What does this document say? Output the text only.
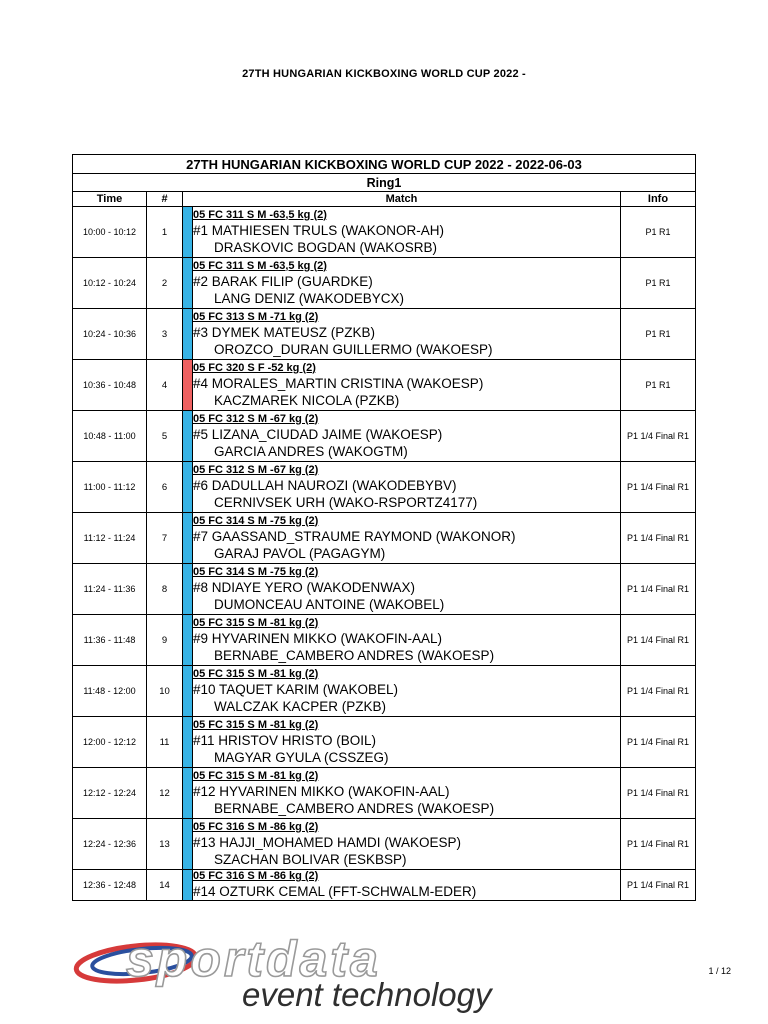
27TH HUNGARIAN KICKBOXING WORLD CUP 2022 -
27TH HUNGARIAN KICKBOXING WORLD CUP 2022 - 2022-06-03				
Ring1				
Time	#	Match		Info
10:00 - 10:12	1		05 FC 311 S M -63,5 kg (2)
#1 MATHIESEN TRULS (WAKONOR-AH)
DRASKOVIC BOGDAN (WAKOSRB)	P1 R1
10:12 - 10:24	2		05 FC 311 S M -63,5 kg (2)
#2 BARAK FILIP (GUARDKE)
LANG DENIZ (WAKODEBYCX)	P1 R1
10:24 - 10:36	3		05 FC 313 S M -71 kg (2)
#3 DYMEK MATEUSZ (PZKB)
OROZCO_DURAN GUILLERMO (WAKOESP)	P1 R1
10:36 - 10:48	4		05 FC 320 S F -52 kg (2)
#4 MORALES_MARTIN CRISTINA (WAKOESP)
KACZMAREK NICOLA (PZKB)	P1 R1
10:48 - 11:00	5		05 FC 312 S M -67 kg (2)
#5 LIZANA_CIUDAD JAIME (WAKOESP)
GARCIA ANDRES (WAKOGTM)	P1 1/4 Final R1
11:00 - 11:12	6		05 FC 312 S M -67 kg (2)
#6 DADULLAH NAUROZI (WAKODEBYBV)
CERNIVSEK URH (WAKO-RSPORTZ4177)	P1 1/4 Final R1
11:12 - 11:24	7		05 FC 314 S M -75 kg (2)
#7 GAASSAND_STRAUME RAYMOND (WAKONOR)
GARAJ PAVOL (PAGAGYM)	P1 1/4 Final R1
11:24 - 11:36	8		05 FC 314 S M -75 kg (2)
#8 NDIAYE YERO (WAKODENWAX)
DUMONCEAU ANTOINE (WAKOBEL)	P1 1/4 Final R1
11:36 - 11:48	9		05 FC 315 S M -81 kg (2)
#9 HYVARINEN MIKKO (WAKOFIN-AAL)
BERNABE_CAMBERO ANDRES (WAKOESP)	P1 1/4 Final R1
11:48 - 12:00	10		05 FC 315 S M -81 kg (2)
#10 TAQUET KARIM (WAKOBEL)
WALCZAK KACPER (PZKB)	P1 1/4 Final R1
12:00 - 12:12	11		05 FC 315 S M -81 kg (2)
#11 HRISTOV HRISTO (BOIL)
MAGYAR GYULA (CSSZEG)	P1 1/4 Final R1
12:12 - 12:24	12		05 FC 315 S M -81 kg (2)
#12 HYVARINEN MIKKO (WAKOFIN-AAL)
BERNABE_CAMBERO ANDRES (WAKOESP)	P1 1/4 Final R1
12:24 - 12:36	13		05 FC 316 S M -86 kg (2)
#13 HAJJI_MOHAMED HAMDI (WAKOESP)
SZACHAN BOLIVAR (ESKBSP)	P1 1/4 Final R1
12:36 - 12:48	14		05 FC 316 S M -86 kg (2)
#14 OZTURK CEMAL (FFT-SCHWALM-EDER)	P1 1/4 Final R1
sportdata
event technology
1 / 12
